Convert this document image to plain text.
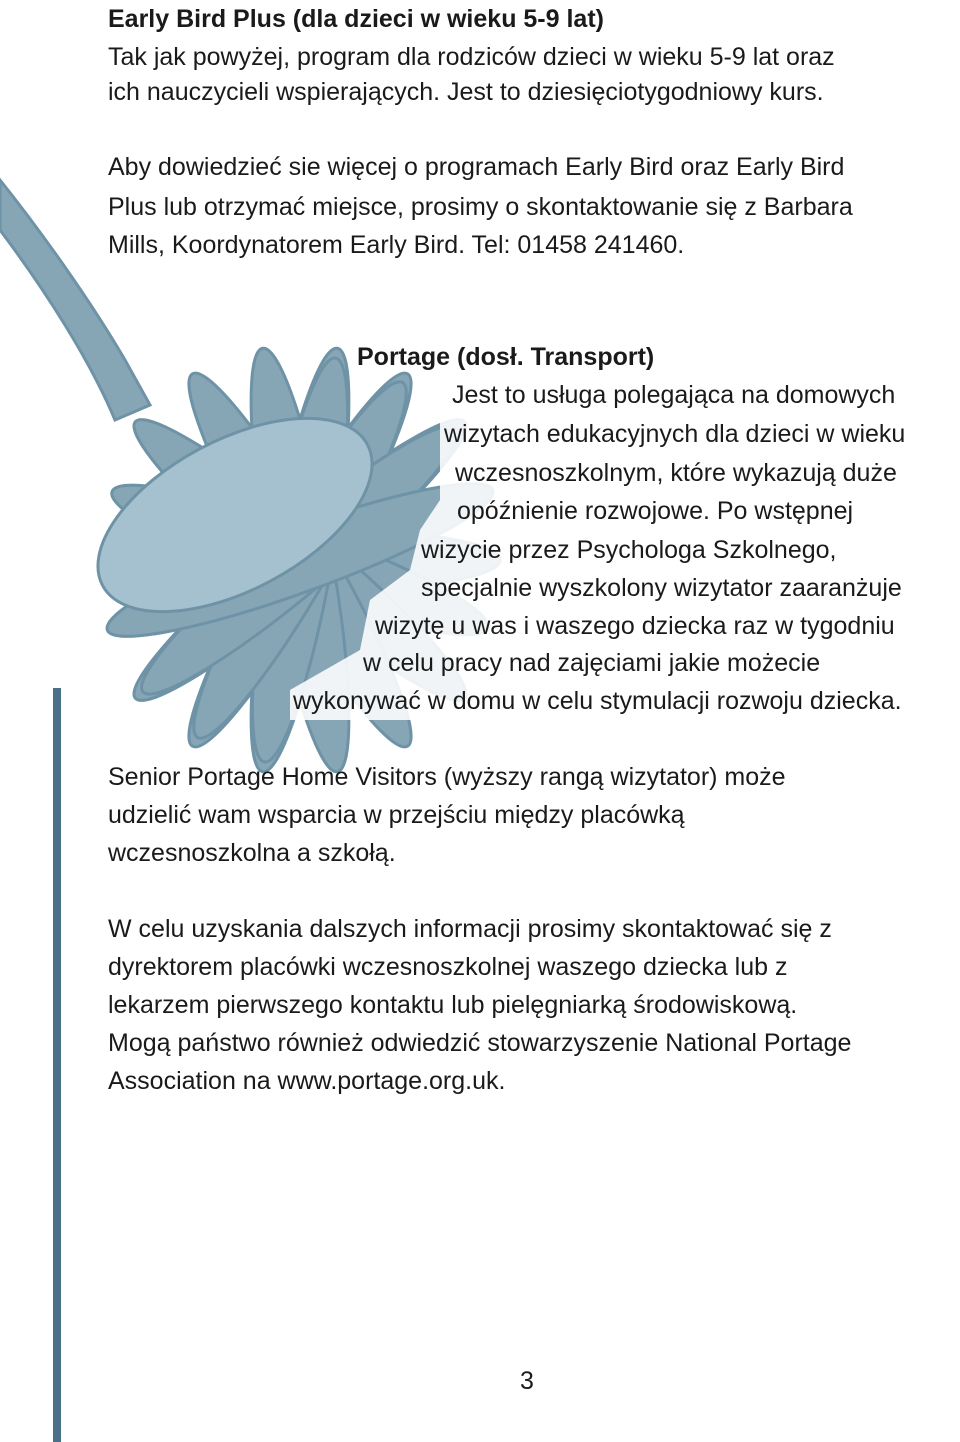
Early Bird Plus (dla dzieci w wieku 5-9 lat)
Tak jak powyżej, program dla rodziców dzieci w wieku 5-9 lat oraz
ich nauczycieli wspierających. Jest to dziesięciotygodniowy kurs.
Aby dowiedzieć sie więcej o programach Early Bird oraz Early Bird
Plus lub otrzymać miejsce, prosimy o skontaktowanie się z Barbara
Mills, Koordynatorem Early Bird. Tel: 01458 241460.
Portage (dosł. Transport)
Jest to usługa polegająca na domowych
wizytach edukacyjnych dla dzieci w wieku
wczesnoszkolnym, które wykazują duże
opóźnienie rozwojowe. Po wstępnej
wizycie przez Psychologa Szkolnego,
specjalnie wyszkolony wizytator zaaranżuje
wizytę u was i waszego dziecka raz w tygodniu
w celu pracy nad zajęciami jakie możecie
wykonywać w domu w celu stymulacji rozwoju dziecka.
Senior Portage Home Visitors (wyższy rangą wizytator) może
udzielić wam wsparcia w przejściu między placówką
wczesnoszkolna a szkołą.
W celu uzyskania dalszych informacji prosimy skontaktować się z
dyrektorem placówki wczesnoszkolnej waszego dziecka lub z
lekarzem pierwszego kontaktu lub pielęgniarką środowiskową.
Mogą państwo również odwiedzić stowarzyszenie National Portage
Association na www.portage.org.uk.
3
